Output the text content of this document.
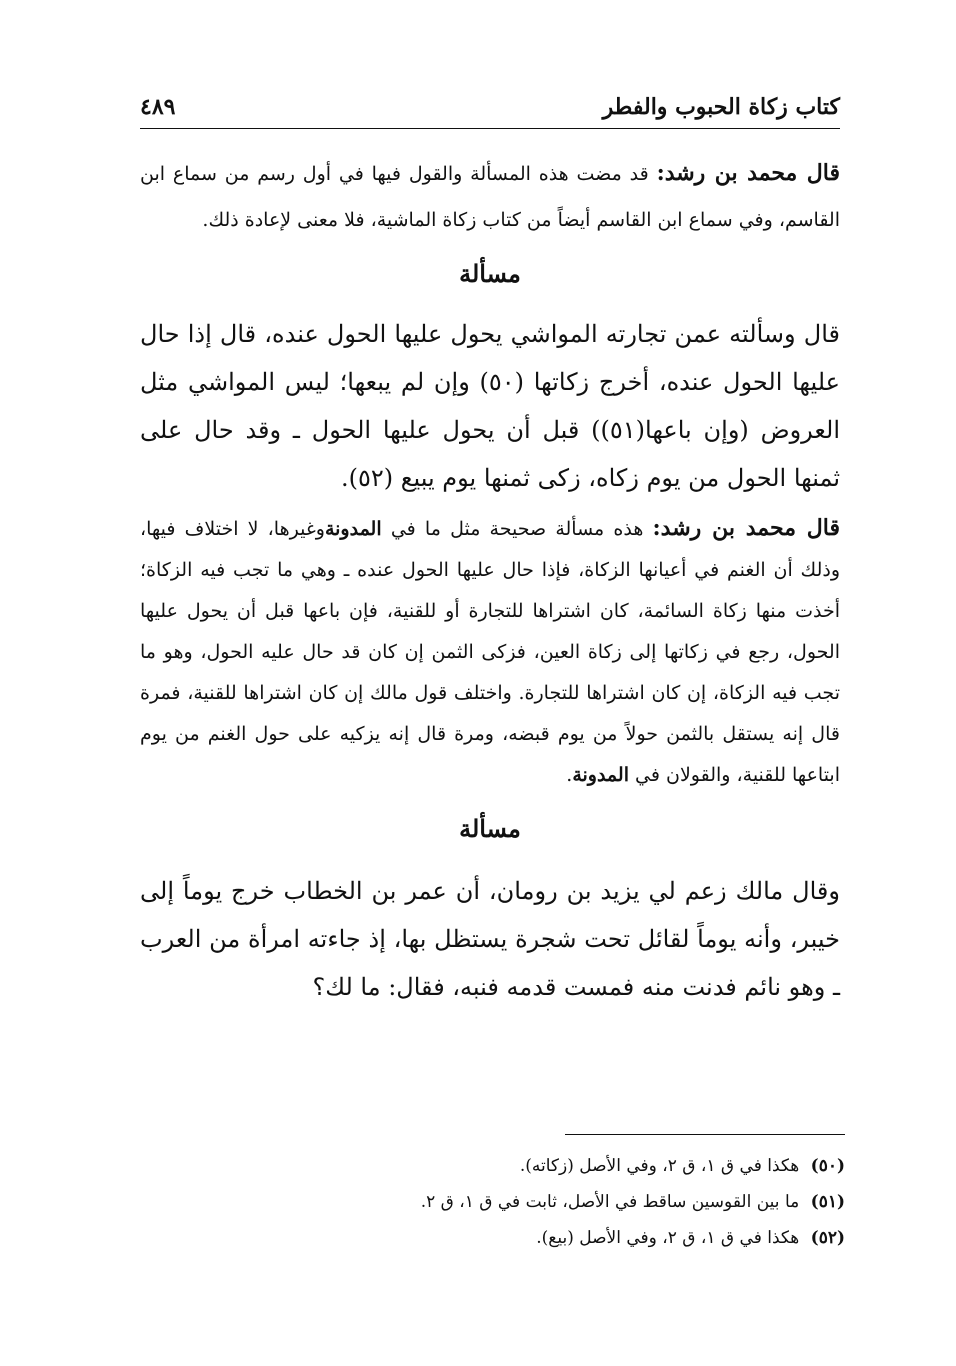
كتاب زكاة الحبوب والفطر
٤٨٩

قال محمد بن رشد: قد مضت هذه المسألة والقول فيها في أول رسم من سماع ابن القاسم، وفي سماع ابن القاسم أيضاً من كتاب زكاة الماشية، فلا معنى لإعادة ذلك.

مسألة

قال وسألته عمن تجارته المواشي يحول عليها الحول عنده، قال إذا حال عليها الحول عنده، أخرج زكاتها (٥٠) وإن لم يبعها؛ ليس المواشي مثل العروض (وإن باعها(٥١)) قبل أن يحول عليها الحول ـ وقد حال على ثمنها الحول من يوم زكاه، زكى ثمنها يوم يبيع (٥٢).

قال محمد بن رشد: هذه مسألة صحيحة مثل ما في المدونةوغيرها، لا اختلاف فيها، وذلك أن الغنم في أعيانها الزكاة، فإذا حال عليها الحول عنده ـ وهي ما تجب فيه الزكاة؛ أخذت منها زكاة السائمة، كان اشتراها للتجارة أو للقنية، فإن باعها قبل أن يحول عليها الحول، رجع في زكاتها إلى زكاة العين، فزكى الثمن إن كان قد حال عليه الحول، وهو ما تجب فيه الزكاة، إن كان اشتراها للتجارة. واختلف قول مالك إن كان اشتراها للقنية، فمرة قال إنه يستقل بالثمن حولاً من يوم قبضه، ومرة قال إنه يزكيه على حول الغنم من يوم ابتاعها للقنية، والقولان في المدونة.

مسألة

وقال مالك زعم لي يزيد بن رومان، أن عمر بن الخطاب خرج يوماً إلى خيبر، وأنه يوماً لقائل تحت شجرة يستظل بها، إذ جاءته امرأة من العرب ـ وهو نائم فدنت منه فمست قدمه فنبه، فقال: ما لك؟

(٥٠) هكذا في ق ١، ق ٢، وفي الأصل (زكاته).

(٥١) ما بين القوسين ساقط في الأصل، ثابت في ق ١، ق ٢.

(٥٢) هكذا في ق ١، ق ٢، وفي الأصل (بيع).
